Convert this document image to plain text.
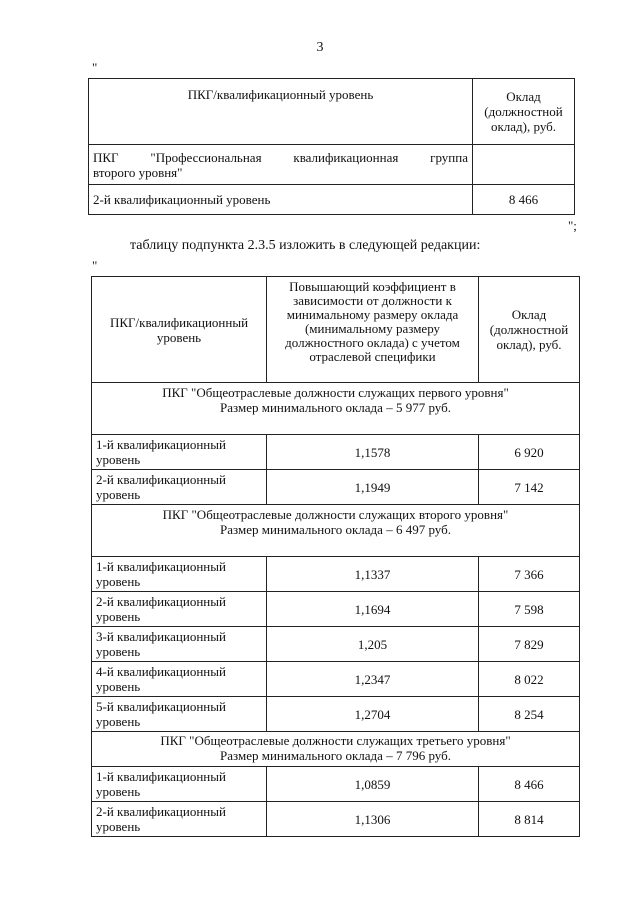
3
"
ПКГ/квалификационный уровень	Оклад (должностной оклад), руб.

ПКГ "Профессиональная квалификационная группа
второго уровня"	

2-й квалификационный уровень	8 466
";
таблицу подпункта 2.3.5 изложить в следующей редакции:
"
ПКГ/квалификационный уровень	Повышающий коэффициент в зависимости от должности к минимальному размеру оклада (минимальному размеру должностного оклада) с учетом отраслевой специфики	Оклад (должностной оклад), руб.

ПКГ "Общеотраслевые должности служащих первого уровня"
Размер минимального оклада – 5 977 руб.		

1-й квалификационный уровень	1,1578	6 920
2-й квалификационный уровень	1,1949	7 142

ПКГ "Общеотраслевые должности служащих второго уровня"
Размер минимального оклада – 6 497 руб.		

1-й квалификационный уровень	1,1337	7 366
2-й квалификационный уровень	1,1694	7 598
3-й квалификационный уровень	1,205	7 829
4-й квалификационный уровень	1,2347	8 022
5-й квалификационный уровень	1,2704	8 254

ПКГ "Общеотраслевые должности служащих третьего уровня"
Размер минимального оклада – 7 796 руб.		

1-й квалификационный уровень	1,0859	8 466
2-й квалификационный уровень	1,1306	8 814
